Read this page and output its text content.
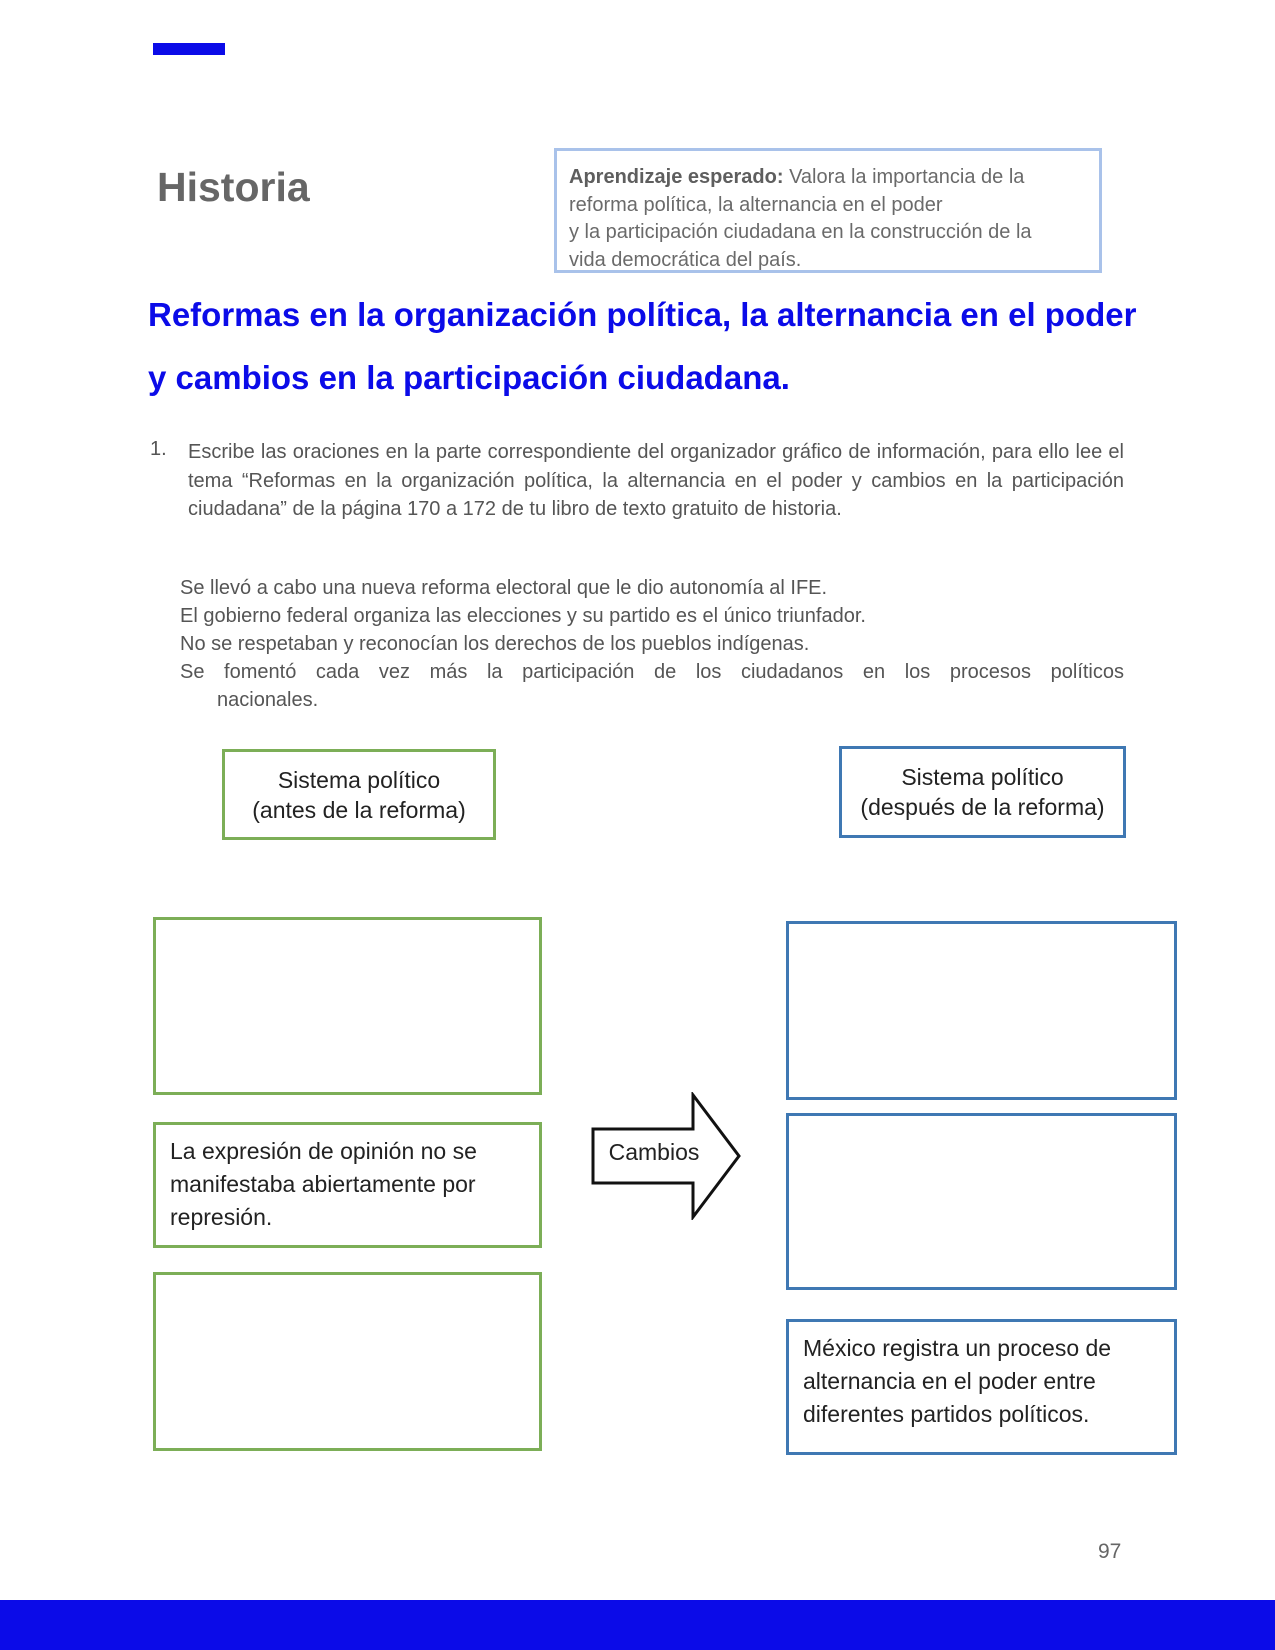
Historia	Aprendizaje esperado: Valora la importancia de la
reforma política, la alternancia en el poder
y la participación ciudadana en la construcción de la
vida democrática del país.
Reformas en la organización política, la alternancia en el poder y cambios en la participación ciudadana.
1. Escribe las oraciones en la parte correspondiente del organizador gráfico de información, para ello lee el tema “Reformas en la organización política, la alternancia en el poder y cambios en la participación ciudadana” de la página 170 a 172 de tu libro de texto gratuito de historia.
Se llevó a cabo una nueva reforma electoral que le dio autonomía al IFE.
El gobierno federal organiza las elecciones y su partido es el único triunfador.
No se respetaban y reconocían los derechos de los pueblos indígenas.
Se fomentó cada vez más la participación de los ciudadanos en los procesos políticos
nacionales.
Sistema político
(antes de la reforma)
Sistema político
(después de la reforma)
La expresión de opinión no se manifestaba abiertamente por represión.
Cambios
México registra un proceso de alternancia en el poder entre diferentes partidos políticos.
97
